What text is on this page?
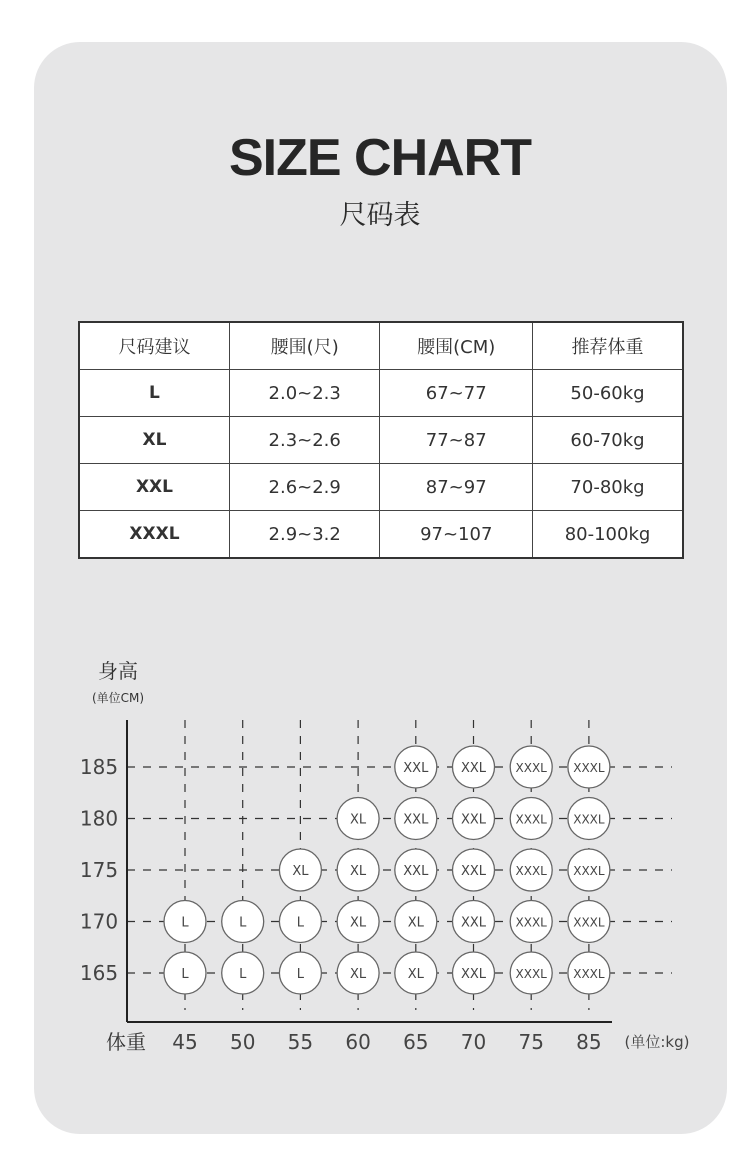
SIZE CHART
尺码表
尺码建议	腰围(尺)	腰围(CM)	推荐体重
L	2.0~2.3	67~77	50-60kg
XL	2.3~2.6	77~87	60-70kg
XXL	2.6~2.9	87~97	70-80kg
XXXL	2.9~3.2	97~107	80-100kg
身高
(单位CM)
185
180
175
170
165
体重 45 50 55 60 65 70 75 85 (单位:kg)
XXL	XXL XXXL XXXL
XL	XXL	XXL XXXL XXXL
XL	XL	XXL	XXL XXXL XXXL
L	L	L	XL	XL	XXL XXXL XXXL
L	L	L	XL	XL	XXL XXXL XXXL
